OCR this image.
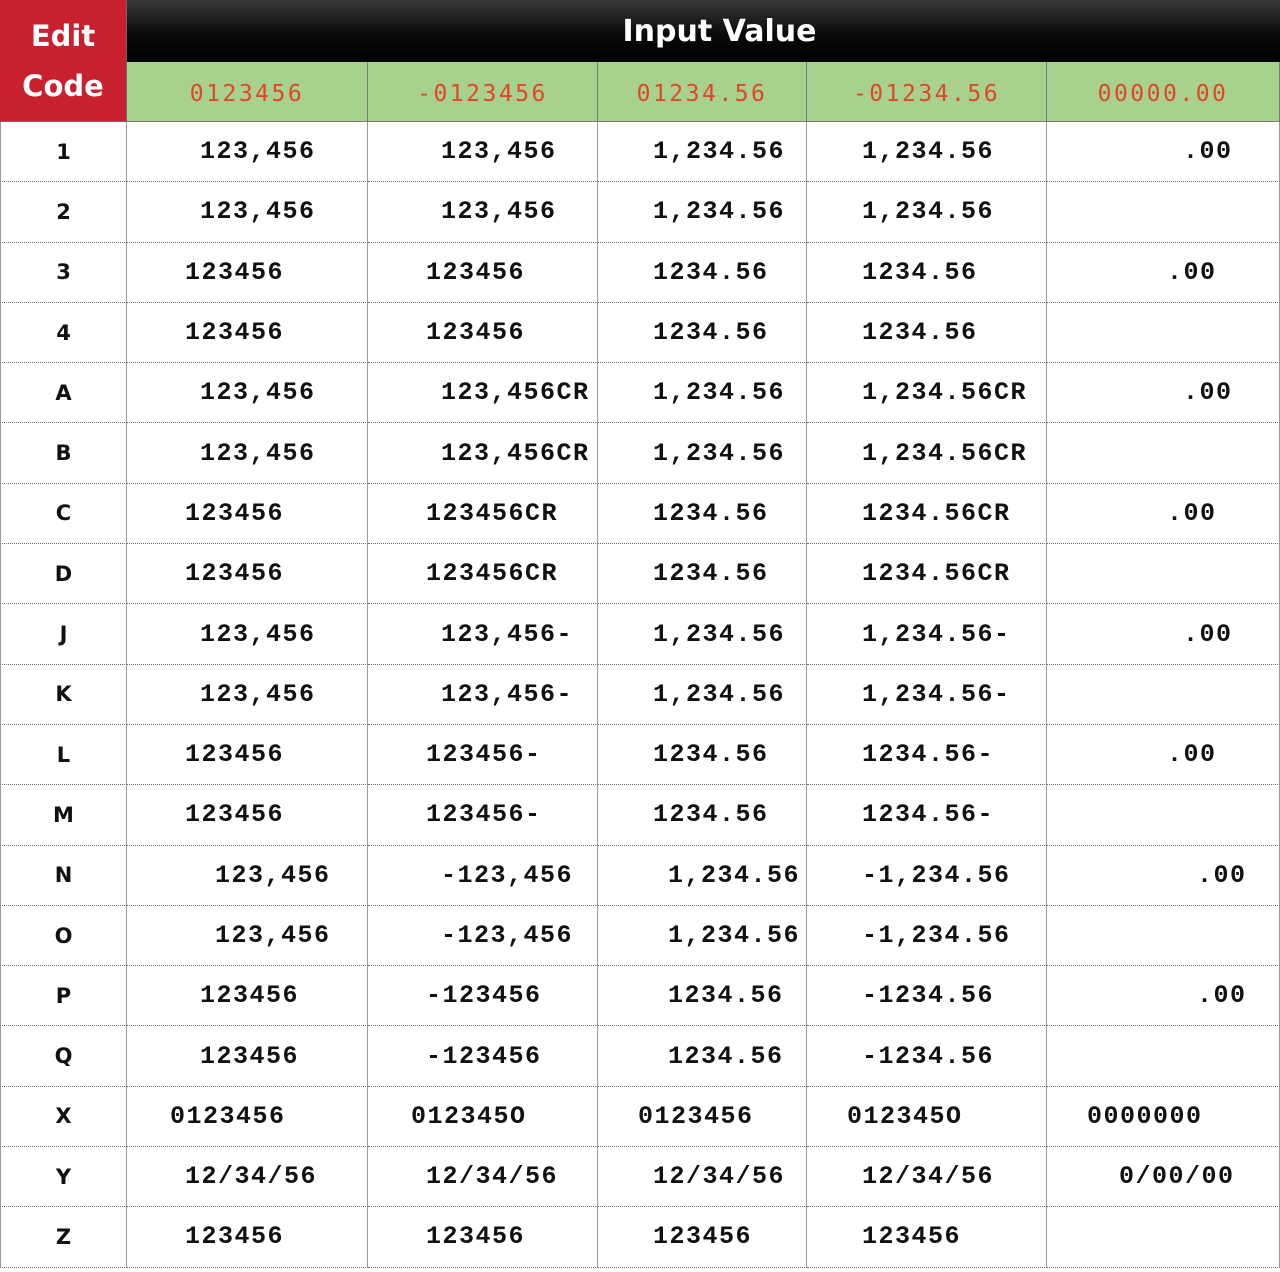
Edit
Code
Input Value
0123456	-0123456	01234.56	-01234.56	00000.00
1	123,456	123,456	1,234.56	1,234.56	.00
2	123,456	123,456	1,234.56	1,234.56
3	123456	123456	1234.56	1234.56	.00
4	123456	123456	1234.56	1234.56
A	123,456	123,456CR	1,234.56	1,234.56CR	.00
B	123,456	123,456CR	1,234.56	1,234.56CR
C	123456	123456CR	1234.56	1234.56CR	.00
D	123456	123456CR	1234.56	1234.56CR
J	123,456	123,456-	1,234.56	1,234.56-	.00
K	123,456	123,456-	1,234.56	1,234.56-
L	123456	123456-	1234.56	1234.56-	.00
M	123456	123456-	1234.56	1234.56-
N	123,456	-123,456	1,234.56	-1,234.56	.00
O	123,456	-123,456	1,234.56	-1,234.56
P	123456	-123456	1234.56	-1234.56	.00
Q	123456	-123456	1234.56	-1234.56
X	0123456	012345O	0123456	012345O	0000000
Y	12/34/56	12/34/56	12/34/56	12/34/56	0/00/00
Z	123456	123456	123456	123456
